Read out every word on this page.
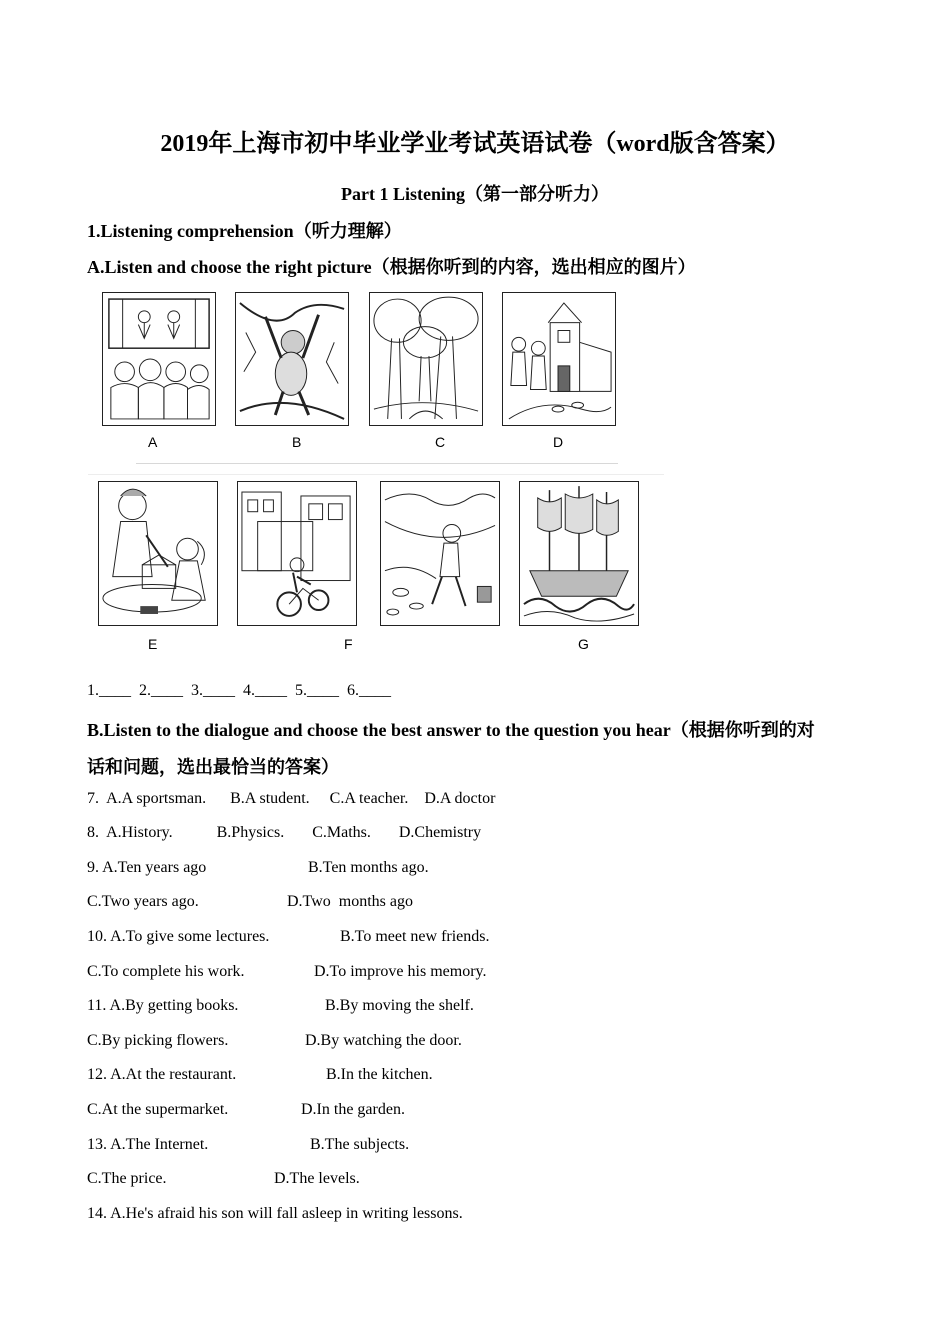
2019年上海市初中毕业学业考试英语试卷（word版含答案）
Part 1 Listening（第一部分听力）
1.Listening comprehension（听力理解）
A.Listen and choose the right picture（根据你听到的内容，选出相应的图片）
A	B	C	D
E	F	G
1.____  2.____  3.____  4.____  5.____  6.____
B.Listen to the dialogue and choose the best answer to the question you hear（根据你听到的对
话和问题，选出最恰当的答案）
7.  A.A sportsman.      B.A student.     C.A teacher.    D.A doctor
8.  A.History.           B.Physics.       C.Maths.       D.Chemistry
9. A.Ten years ago	B.Ten months ago.
C.Two years ago.	D.Two  months ago
10. A.To give some lectures.	B.To meet new friends.
C.To complete his work.	D.To improve his memory.
11. A.By getting books.	B.By moving the shelf.
C.By picking flowers.	D.By watching the door.
12. A.At the restaurant.	B.In the kitchen.
C.At the supermarket.	D.In the garden.
13. A.The Internet.	B.The subjects.
C.The price.	D.The levels.
14. A.He's afraid his son will fall asleep in writing lessons.
